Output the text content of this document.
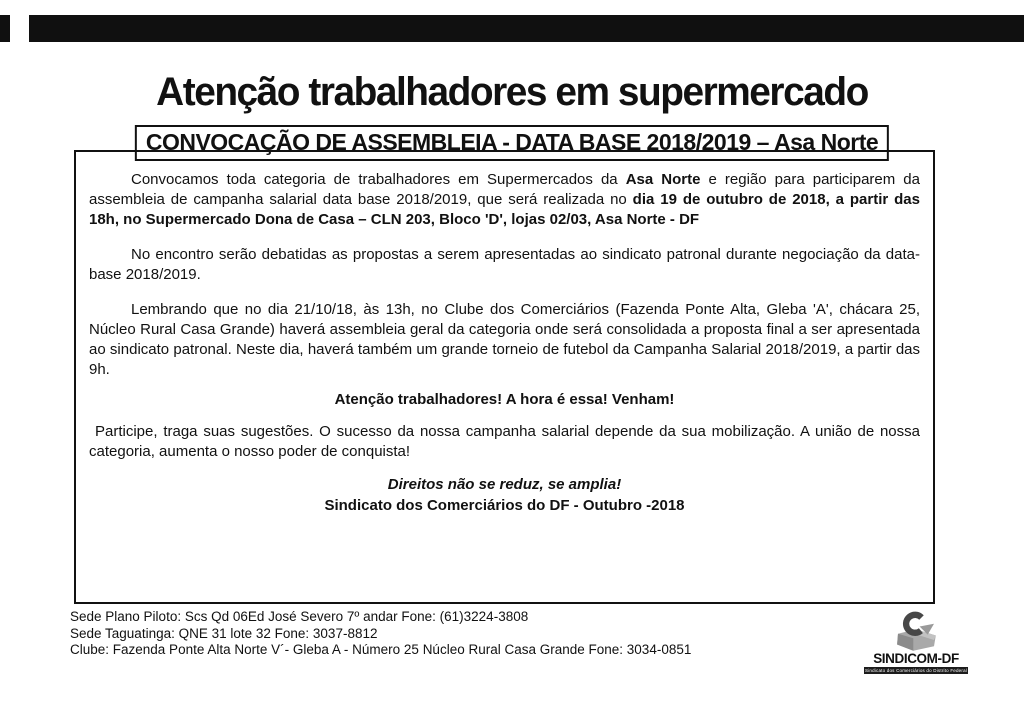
Atenção trabalhadores em supermercado
CONVOCAÇÃO DE ASSEMBLEIA - DATA BASE 2018/2019 – Asa Norte

Convocamos toda categoria de trabalhadores em Supermercados da Asa Norte e região para participarem da assembleia de campanha salarial data base 2018/2019, que será realizada no dia 19 de outubro de 2018, a partir das 18h, no Supermercado Dona de Casa – CLN 203, Bloco 'D', lojas 02/03, Asa Norte - DF

No encontro serão debatidas as propostas a serem apresentadas ao sindicato patronal durante negociação da data-base 2018/2019.

Lembrando que no dia 21/10/18, às 13h, no Clube dos Comerciários (Fazenda Ponte Alta, Gleba 'A', chácara 25, Núcleo Rural Casa Grande) haverá assembleia geral da categoria onde será consolidada a proposta final a ser apresentada ao sindicato patronal. Neste dia, haverá também um grande torneio de futebol da Campanha Salarial 2018/2019, a partir das 9h.

Atenção trabalhadores! A hora é essa! Venham!

Participe, traga suas sugestões. O sucesso da nossa campanha salarial depende da sua mobilização. A união de nossa categoria, aumenta o nosso poder de conquista!

Direitos não se reduz, se amplia!

Sindicato dos Comerciários do DF - Outubro -2018

Sede Plano Piloto: Scs Qd 06Ed José Severo 7º andar Fone: (61)3224-3808
Sede Taguatinga: QNE 31 lote 32 Fone: 3037-8812
Clube: Fazenda Ponte Alta Norte V´- Gleba A - Número 25 Núcleo Rural Casa Grande Fone: 3034-0851
SINDICOM-DF
Sindicato dos Comerciários do Distrito Federal
